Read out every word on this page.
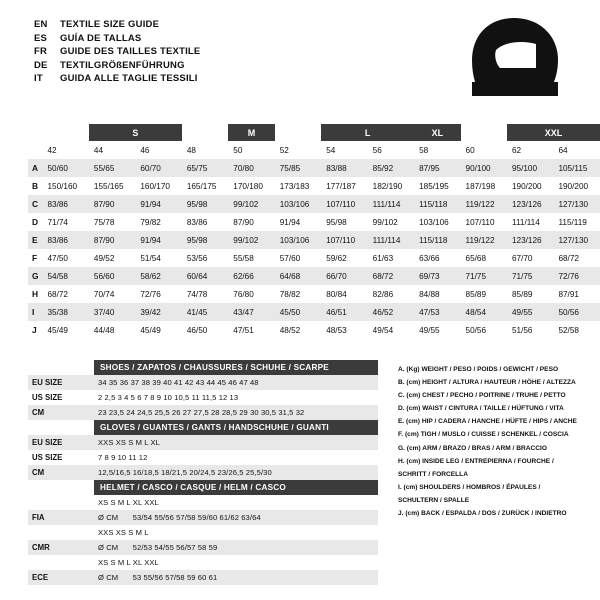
EN	TEXTILE SIZE GUIDE
ES	GUÍA DE TALLAS
FR	GUIDE DES TAILLES TEXTILE
DE	TEXTILGRÖßENFÜHRUNG
IT	GUIDA ALLE TAGLIE TESSILI
		S			M		L		XL		XXL		
	42	44	46	48	50	52	54	56	58	60	62	64	
A	50/60	55/65	60/70	65/75	70/80	75/85	83/88	85/92	87/95	90/100	95/100	105/115	
B	150/160	155/165	160/170	165/175	170/180	173/183	177/187	182/190	185/195	187/198	190/200	190/200	
C	83/86	87/90	91/94	95/98	99/102	103/106	107/110	111/114	115/118	119/122	123/126	127/130	
D	71/74	75/78	79/82	83/86	87/90	91/94	95/98	99/102	103/106	107/110	111/114	115/119	
E	83/86	87/90	91/94	95/98	99/102	103/106	107/110	111/114	115/118	119/122	123/126	127/130	
F	47/50	49/52	51/54	53/56	55/58	57/60	59/62	61/63	63/66	65/68	67/70	68/72	
G	54/58	56/60	58/62	60/64	62/66	64/68	66/70	68/72	69/73	71/75	71/75	72/76	
H	68/72	70/74	72/76	74/78	76/80	78/82	80/84	82/86	84/88	85/89	85/89	87/91	
I	35/38	37/40	39/42	41/45	43/47	45/50	46/51	46/52	47/53	48/54	49/55	50/56	
J	45/49	44/48	45/49	46/50	47/51	48/52	48/53	49/54	49/55	50/56	51/56	52/58	
	SHOES / ZAPATOS / CHAUSSURES / SCHUHE / SCARPE
EU SIZE	34 35 36 37 38 39 40 41 42 43 44 45 46 47 48
US SIZE	2 2,5 3 4 5 6 7 8 9 10 10,5 11 11,5 12 13
CM	23 23,5 24 24,5 25,5 26 27 27,5 28 28,5 29 30 30,5 31,5 32
	GLOVES / GUANTES / GANTS / HANDSCHUHE / GUANTI
EU SIZE	XXS XS S M L XL
US SIZE	7 8 9 10 11 12
CM	12,5/16,5 16/18,5 18/21,5 20/24,5 23/26,5 25,5/30
	HELMET / CASCO / CASQUE / HELM / CASCO
	XS S M L XL XXL
FIA	Ø CM 53/54 55/56 57/58 59/60 61/62 63/64
	XXS XS S M L
CMR	Ø CM 52/53 54/55 56/57 58 59
	XS S M L XL XXL
ECE	Ø CM 53 55/56 57/58 59 60 61
A. (Kg) WEIGHT / PESO / POIDS / GEWICHT / PESO
B. (cm) HEIGHT / ALTURA / HAUTEUR / HÖHE / ALTEZZA
C. (cm) CHEST / PECHO / POITRINE / TRUHE / PETTO
D. (cm) WAIST / CINTURA / TAILLE / HÜFTUNG / VITA
E. (cm) HIP / CADERA / HANCHE / HÜFTE / HIPS / ANCHE
F. (cm) TIGH / MUSLO / CUISSE / SCHENKEL / COSCIA
G. (cm) ARM / BRAZO / BRAS / ARM / BRACCIO
H. (cm) INSIDE LEG / ENTREPIERNA / FOURCHE /
SCHRITT / FORCELLA
I. (cm) SHOULDERS / HOMBROS / ÉPAULES /
SCHULTERN / SPALLE
J. (cm) BACK / ESPALDA / DOS / ZURÜCK / INDIETRO
